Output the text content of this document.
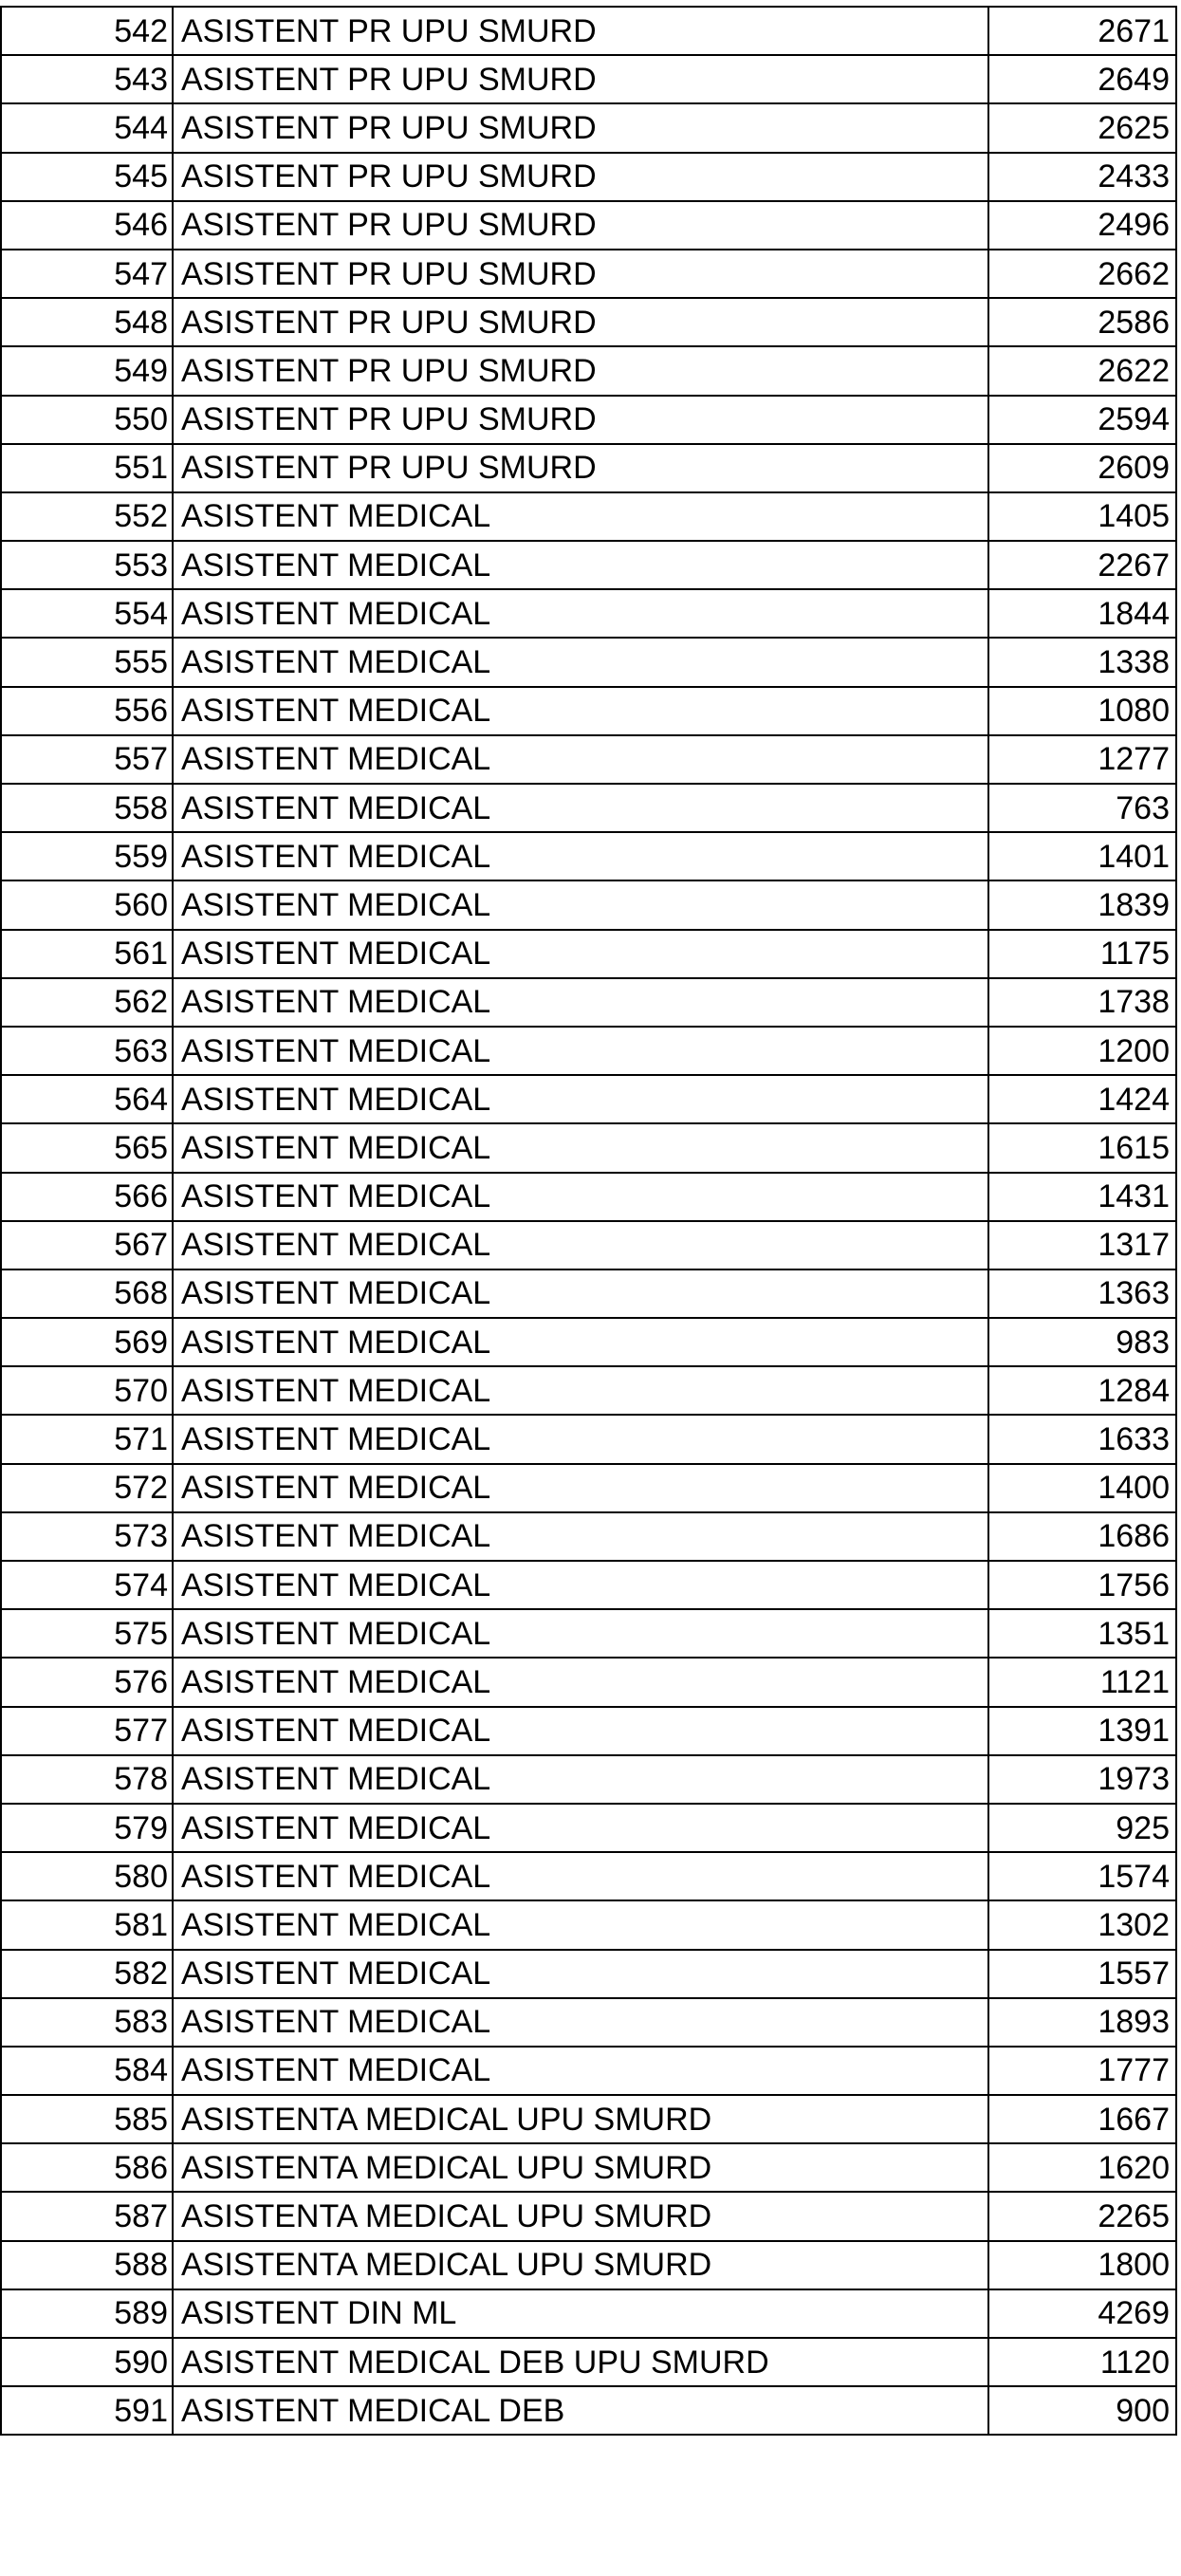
542	ASISTENT PR UPU SMURD	2671
543	ASISTENT PR UPU SMURD	2649
544	ASISTENT PR UPU SMURD	2625
545	ASISTENT PR UPU SMURD	2433
546	ASISTENT PR UPU SMURD	2496
547	ASISTENT PR UPU SMURD	2662
548	ASISTENT PR UPU SMURD	2586
549	ASISTENT PR UPU SMURD	2622
550	ASISTENT PR UPU SMURD	2594
551	ASISTENT PR UPU SMURD	2609
552	ASISTENT MEDICAL	1405
553	ASISTENT MEDICAL	2267
554	ASISTENT MEDICAL	1844
555	ASISTENT MEDICAL	1338
556	ASISTENT MEDICAL	1080
557	ASISTENT MEDICAL	1277
558	ASISTENT MEDICAL	763
559	ASISTENT MEDICAL	1401
560	ASISTENT MEDICAL	1839
561	ASISTENT MEDICAL	1175
562	ASISTENT MEDICAL	1738
563	ASISTENT MEDICAL	1200
564	ASISTENT MEDICAL	1424
565	ASISTENT MEDICAL	1615
566	ASISTENT MEDICAL	1431
567	ASISTENT MEDICAL	1317
568	ASISTENT MEDICAL	1363
569	ASISTENT MEDICAL	983
570	ASISTENT MEDICAL	1284
571	ASISTENT MEDICAL	1633
572	ASISTENT MEDICAL	1400
573	ASISTENT MEDICAL	1686
574	ASISTENT MEDICAL	1756
575	ASISTENT MEDICAL	1351
576	ASISTENT MEDICAL	1121
577	ASISTENT MEDICAL	1391
578	ASISTENT MEDICAL	1973
579	ASISTENT MEDICAL	925
580	ASISTENT MEDICAL	1574
581	ASISTENT MEDICAL	1302
582	ASISTENT MEDICAL	1557
583	ASISTENT MEDICAL	1893
584	ASISTENT MEDICAL	1777
585	ASISTENTA MEDICAL UPU SMURD	1667
586	ASISTENTA MEDICAL UPU SMURD	1620
587	ASISTENTA MEDICAL UPU SMURD	2265
588	ASISTENTA MEDICAL UPU SMURD	1800
589	ASISTENT DIN ML	4269
590	ASISTENT MEDICAL DEB UPU SMURD	1120
591	ASISTENT MEDICAL DEB	900
